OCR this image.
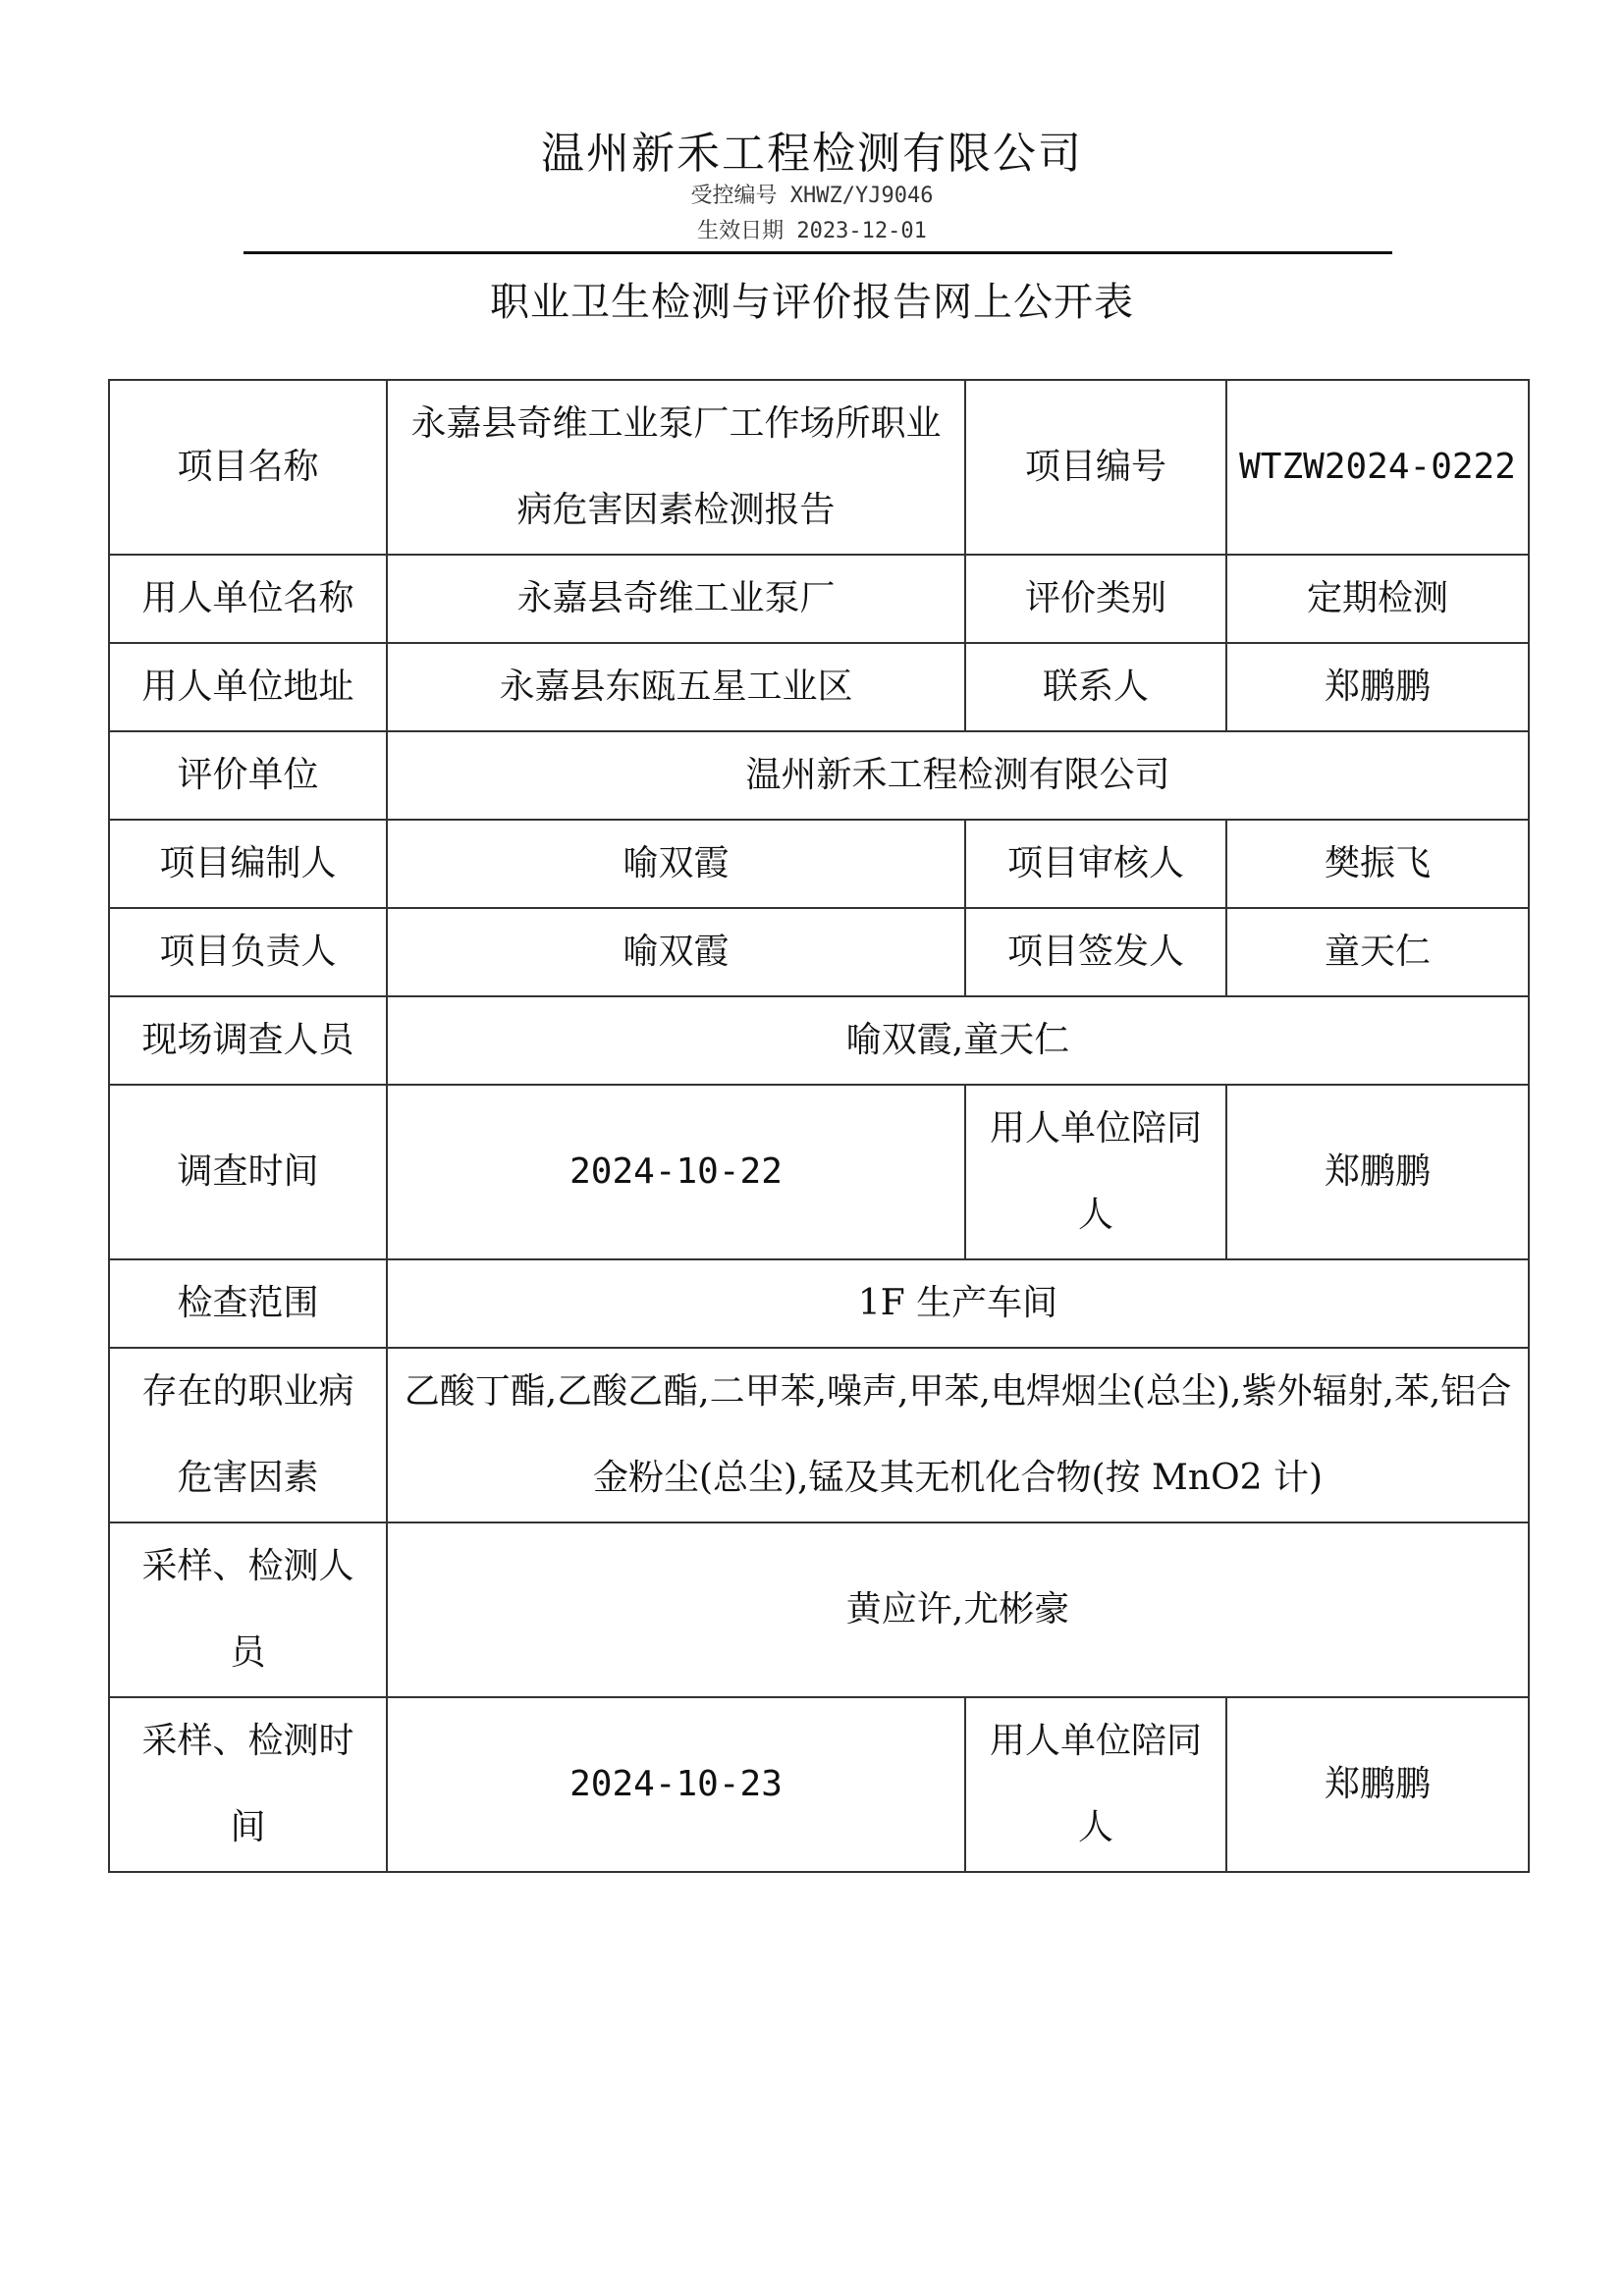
温州新禾工程检测有限公司
受控编号 XHWZ/YJ9046
生效日期 2023-12-01
职业卫生检测与评价报告网上公开表
项目名称	永嘉县奇维工业泵厂工作场所职业病危害因素检测报告	项目编号	WTZW2024-0222
用人单位名称	永嘉县奇维工业泵厂	评价类别	定期检测
用人单位地址	永嘉县东瓯五星工业区	联系人	郑鹏鹏
评价单位	温州新禾工程检测有限公司		
项目编制人	喻双霞	项目审核人	樊振飞
项目负责人	喻双霞	项目签发人	童天仁
现场调查人员	喻双霞,童天仁		
调查时间	2024-10-22	用人单位陪同人	郑鹏鹏
检查范围	1F 生产车间		
存在的职业病危害因素	乙酸丁酯,乙酸乙酯,二甲苯,噪声,甲苯,电焊烟尘(总尘),紫外辐射,苯,铝合金粉尘(总尘),锰及其无机化合物(按 MnO2 计)		
采样、检测人员	黄应许,尤彬豪		
采样、检测时间	2024-10-23	用人单位陪同人	郑鹏鹏
